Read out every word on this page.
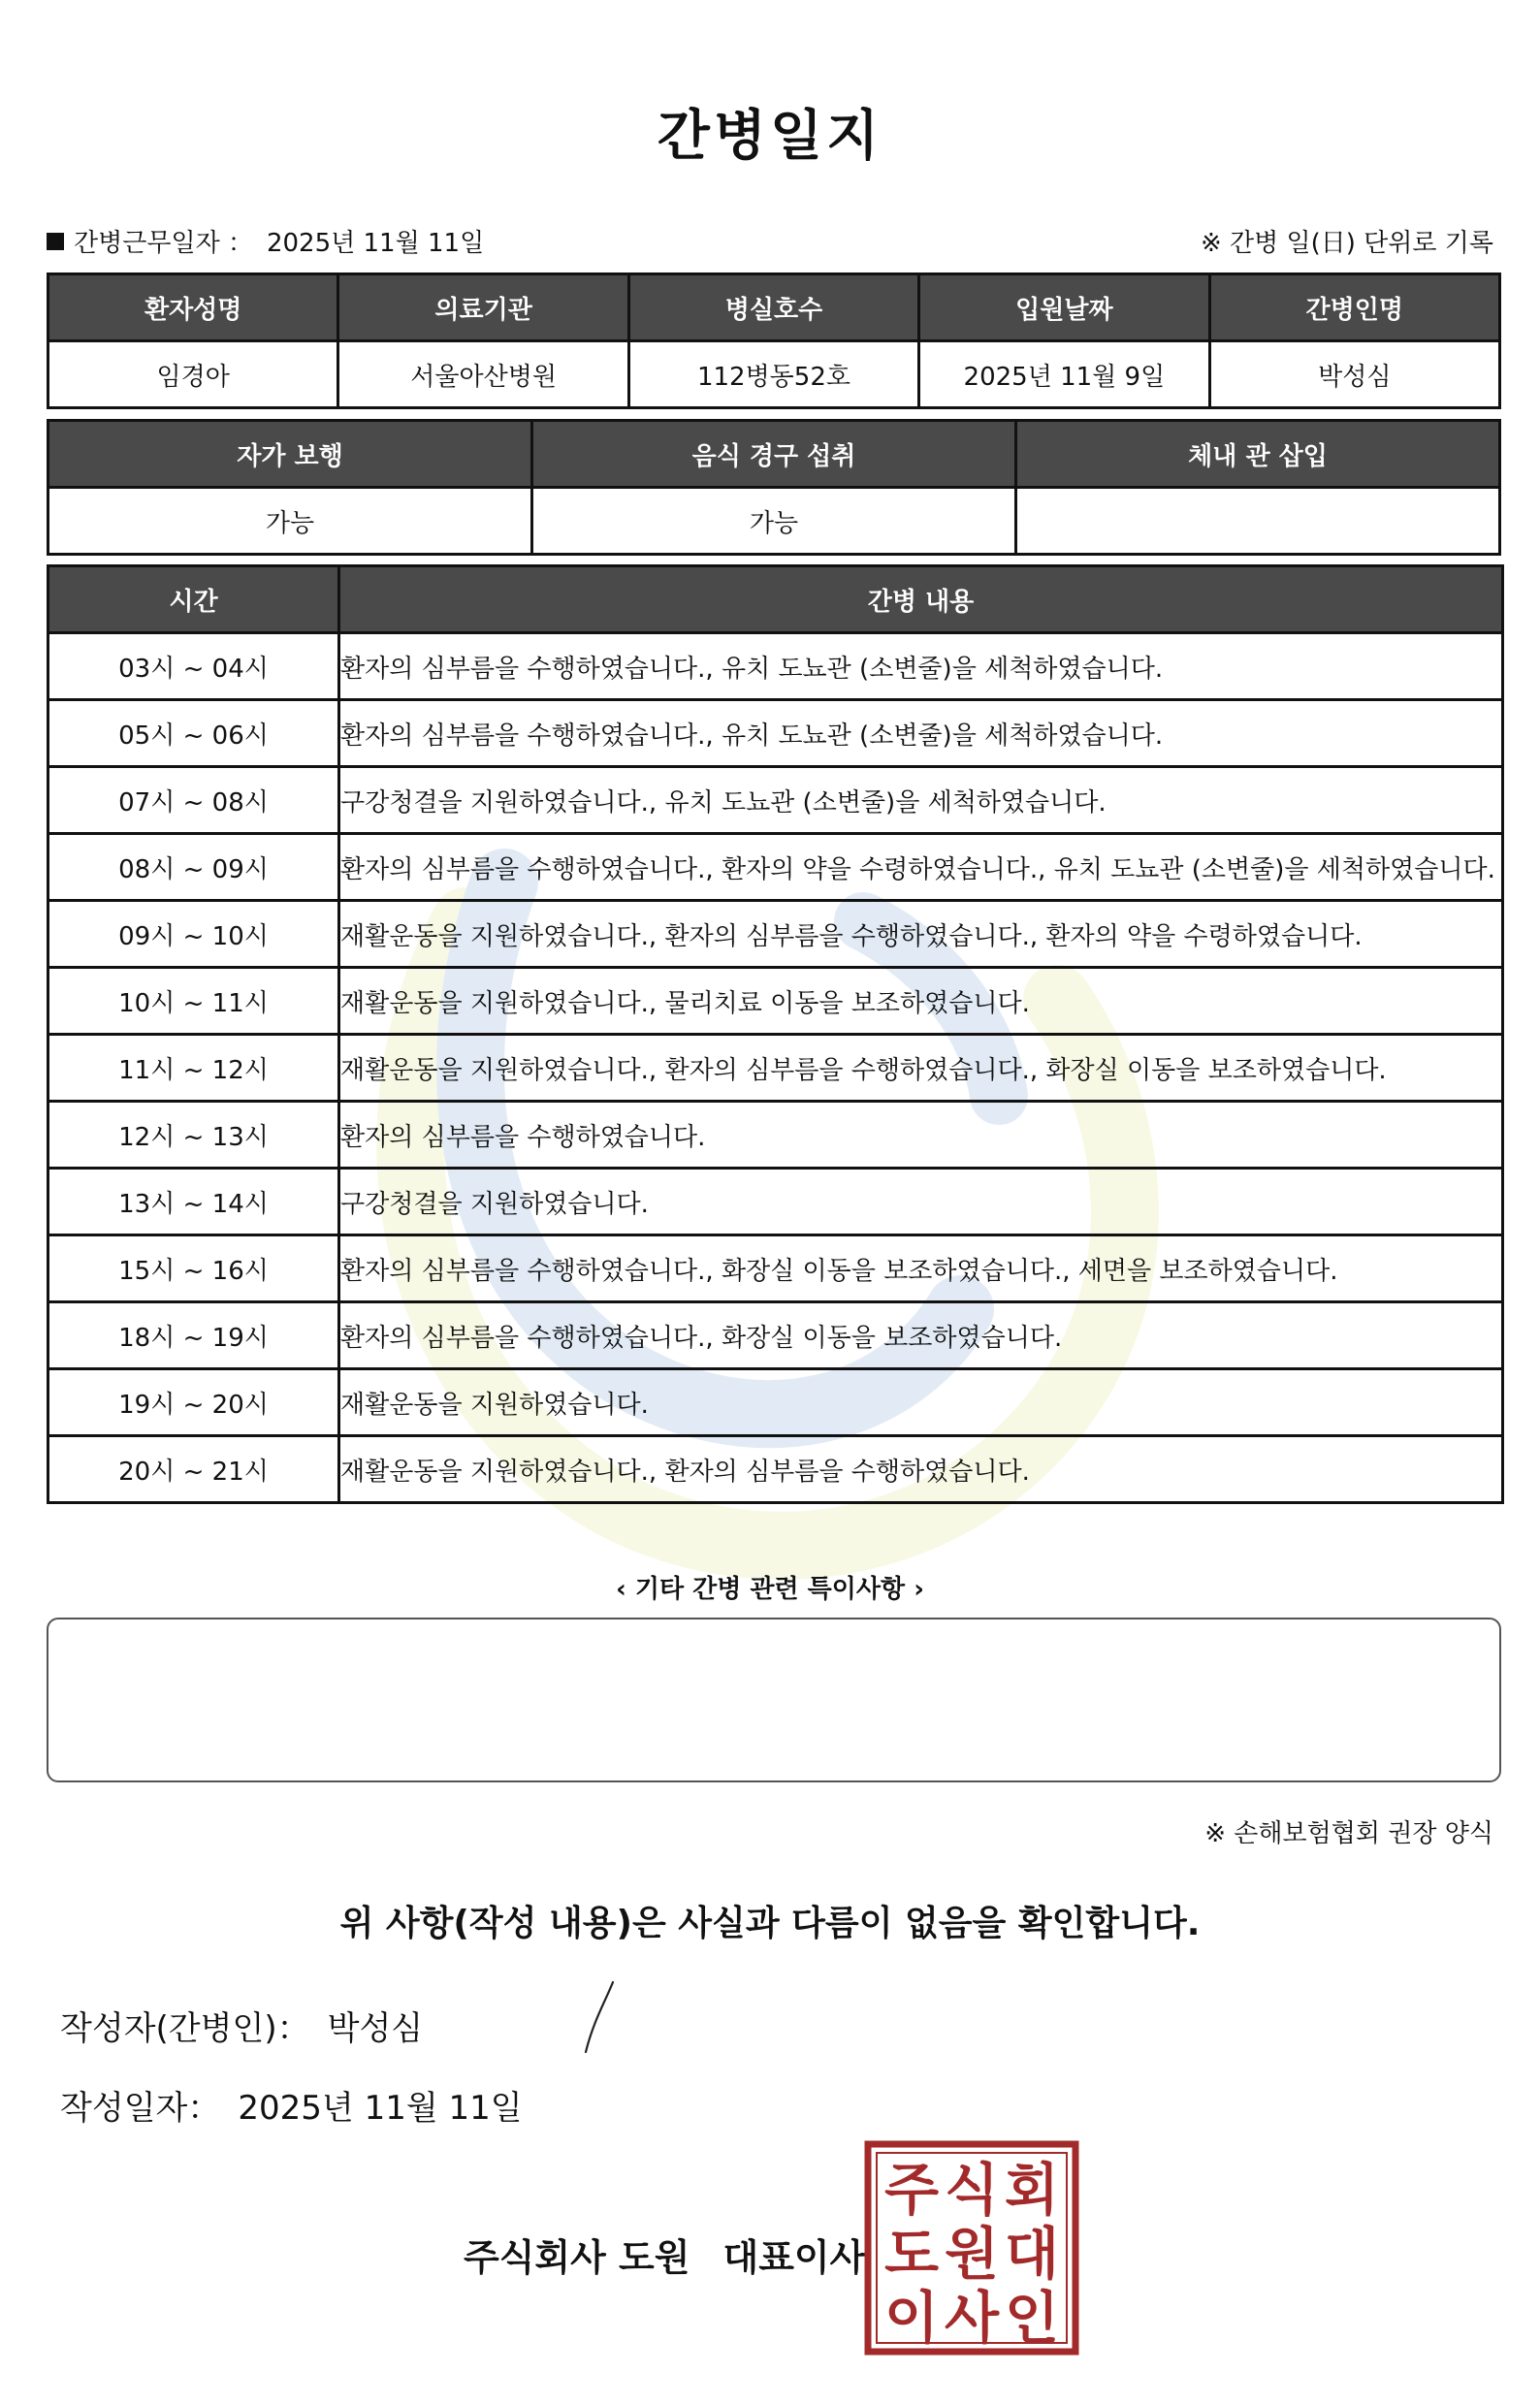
간병일지
간병근무일자 ： 2025년 11월 11일	※ 간병 일(日) 단위로 기록
환자성명	의료기관	병실호수	입원날짜	간병인명
임경아	서울아산병원	112병동52호	2025년 11월 9일	박성심
자가 보행	음식 경구 섭취	체내 관 삽입
가능	가능	
시간	간병 내용
03시 ~ 04시	환자의 심부름을 수행하였습니다., 유치 도뇨관 (소변줄)을 세척하였습니다.
05시 ~ 06시	환자의 심부름을 수행하였습니다., 유치 도뇨관 (소변줄)을 세척하였습니다.
07시 ~ 08시	구강청결을 지원하였습니다., 유치 도뇨관 (소변줄)을 세척하였습니다.
08시 ~ 09시	환자의 심부름을 수행하였습니다., 환자의 약을 수령하였습니다., 유치 도뇨관 (소변줄)을 세척하였습니다.
09시 ~ 10시	재활운동을 지원하였습니다., 환자의 심부름을 수행하였습니다., 환자의 약을 수령하였습니다.
10시 ~ 11시	재활운동을 지원하였습니다., 물리치료 이동을 보조하였습니다.
11시 ~ 12시	재활운동을 지원하였습니다., 환자의 심부름을 수행하였습니다., 화장실 이동을 보조하였습니다.
12시 ~ 13시	환자의 심부름을 수행하였습니다.
13시 ~ 14시	구강청결을 지원하였습니다.
15시 ~ 16시	환자의 심부름을 수행하였습니다., 화장실 이동을 보조하였습니다., 세면을 보조하였습니다.
18시 ~ 19시	환자의 심부름을 수행하였습니다., 화장실 이동을 보조하였습니다.
19시 ~ 20시	재활운동을 지원하였습니다.
20시 ~ 21시	재활운동을 지원하였습니다., 환자의 심부름을 수행하였습니다.
‹ 기타 간병 관련 특이사항 ›
※ 손해보험협회 권장 양식
위 사항(작성 내용)은 사실과 다름이 없음을 확인합니다.
작성자(간병인)： 박성심
작성일자： 2025년 11월 11일
주식회사 도원 대표이사
주 식 회
도 원 대
이 사 인
